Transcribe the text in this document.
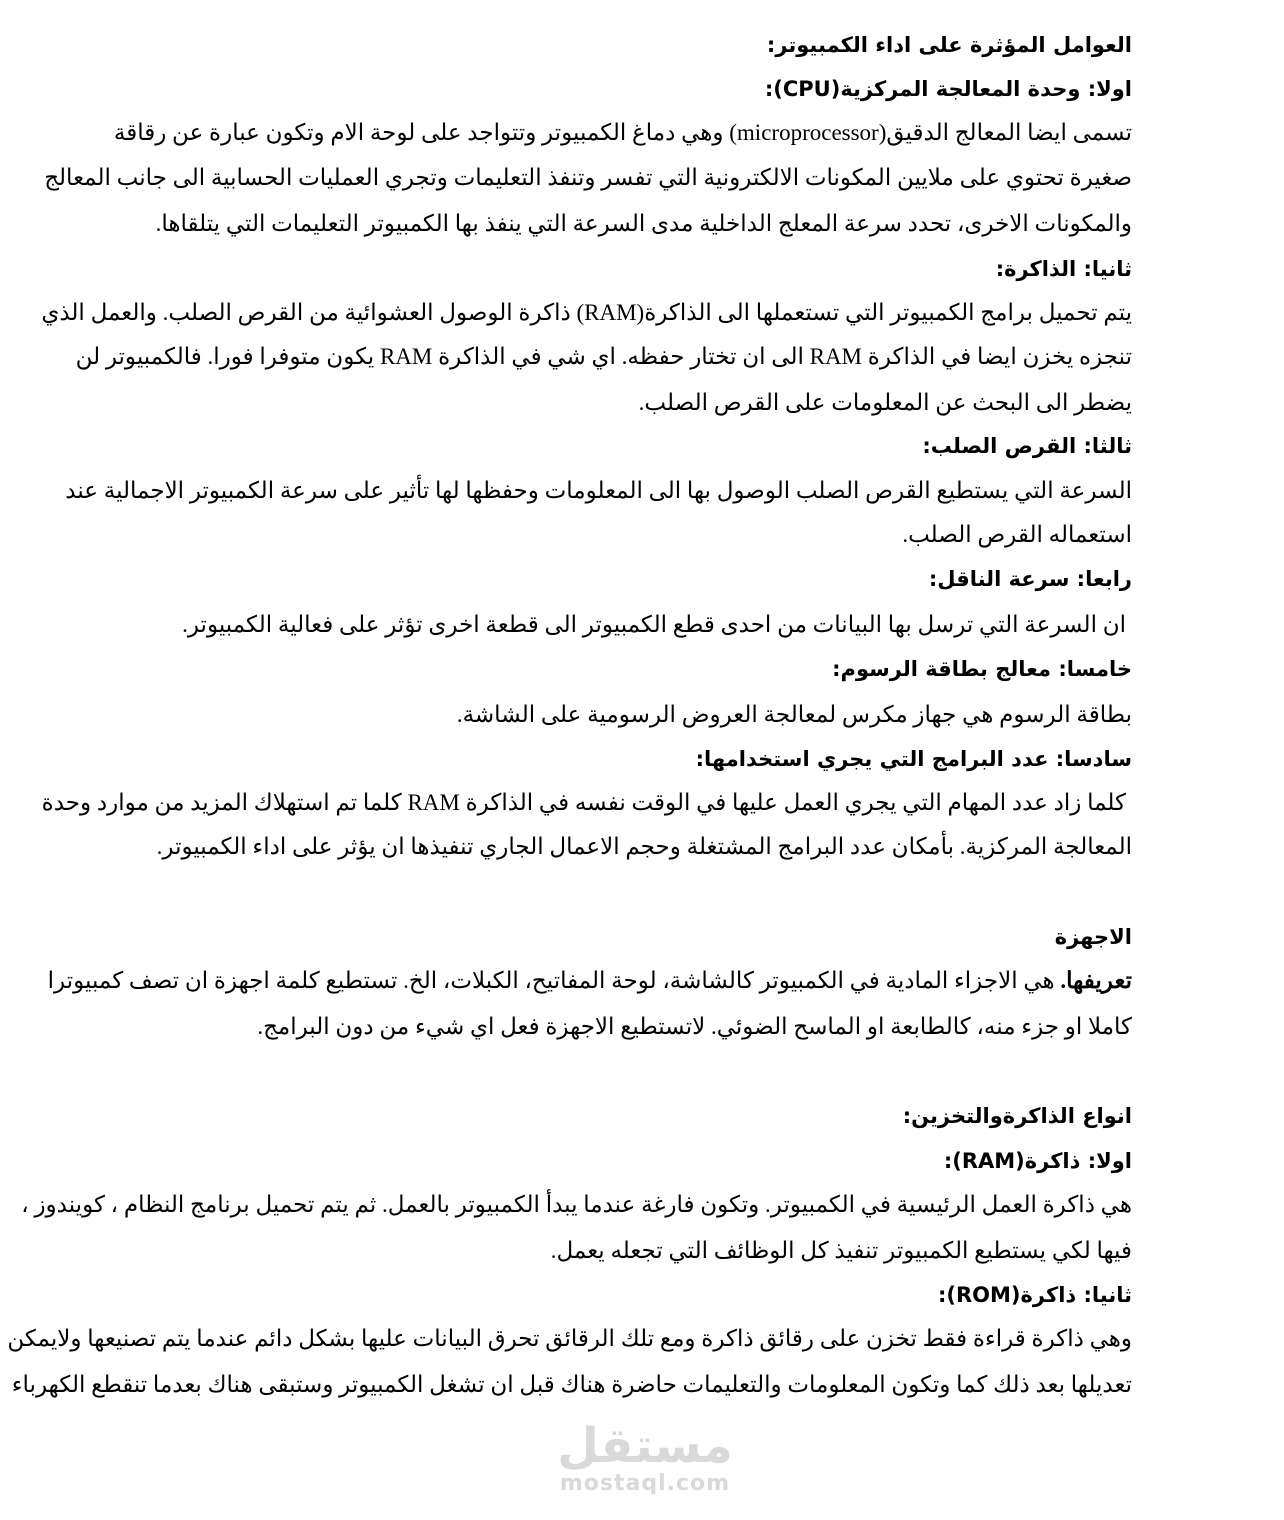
العوامل المؤثرة على اداء الكمبيوتر:
اولا: وحدة المعالجة المركزية(CPU):
تسمى ايضا المعالج الدقيق(microprocessor) وهي دماغ الكمبيوتر وتتواجد على لوحة الام وتكون عبارة عن رقاقة
صغيرة تحتوي على ملايين المكونات الالكترونية التي تفسر وتنفذ التعليمات وتجري العمليات الحسابية الى جانب المعالج
والمكونات الاخرى، تحدد سرعة المعلج الداخلية مدى السرعة التي ينفذ بها الكمبيوتر التعليمات التي يتلقاها.
ثانيا: الذاكرة:
يتم تحميل برامج الكمبيوتر التي تستعملها الى الذاكرة(RAM) ذاكرة الوصول العشوائية من القرص الصلب. والعمل الذي
تنجزه يخزن ايضا في الذاكرة RAM الى ان تختار حفظه. اي شي في الذاكرة RAM يكون متوفرا فورا. فالكمبيوتر لن
يضطر الى البحث عن المعلومات على القرص الصلب.
ثالثا: القرص الصلب:
السرعة التي يستطيع القرص الصلب الوصول بها الى المعلومات وحفظها لها تأثير على سرعة الكمبيوتر الاجمالية عند
استعماله القرص الصلب.
رابعا: سرعة الناقل:
ان السرعة التي ترسل بها البيانات من احدى قطع الكمبيوتر الى قطعة اخرى تؤثر على فعالية الكمبيوتر.
خامسا: معالج بطاقة الرسوم:
بطاقة الرسوم هي جهاز مكرس لمعالجة العروض الرسومية على الشاشة.
سادسا: عدد البرامج التي يجري استخدامها:
كلما زاد عدد المهام التي يجري العمل عليها في الوقت نفسه في الذاكرة RAM كلما تم استهلاك المزيد من موارد وحدة
المعالجة المركزية. بأمكان عدد البرامج المشتغلة وحجم الاعمال الجاري تنفيذها ان يؤثر على اداء الكمبيوتر.
الاجهزة
تعريفها. هي الاجزاء المادية في الكمبيوتر كالشاشة، لوحة المفاتيح، الكبلات، الخ. تستطيع كلمة اجهزة ان تصف كمبيوترا
كاملا او جزء منه، كالطابعة او الماسح الضوئي. لاتستطيع الاجهزة فعل اي شيء من دون البرامج.
انواع الذاكرةوالتخزين:
اولا: ذاكرة(RAM):
هي ذاكرة العمل الرئيسية في الكمبيوتر. وتكون فارغة عندما يبدأ الكمبيوتر بالعمل. ثم يتم تحميل برنامج النظام ، كويندوز ،
فيها لكي يستطيع الكمبيوتر تنفيذ كل الوظائف التي تجعله يعمل.
ثانيا: ذاكرة(ROM):
وهي ذاكرة قراءة فقط تخزن على رقائق ذاكرة ومع تلك الرقائق تحرق البيانات عليها بشكل دائم عندما يتم تصنيعها ولايمكن
تعديلها بعد ذلك كما وتكون المعلومات والتعليمات حاضرة هناك قبل ان تشغل الكمبيوتر وستبقى هناك بعدما تنقطع الكهرباء
مستقل
mostaql.com
